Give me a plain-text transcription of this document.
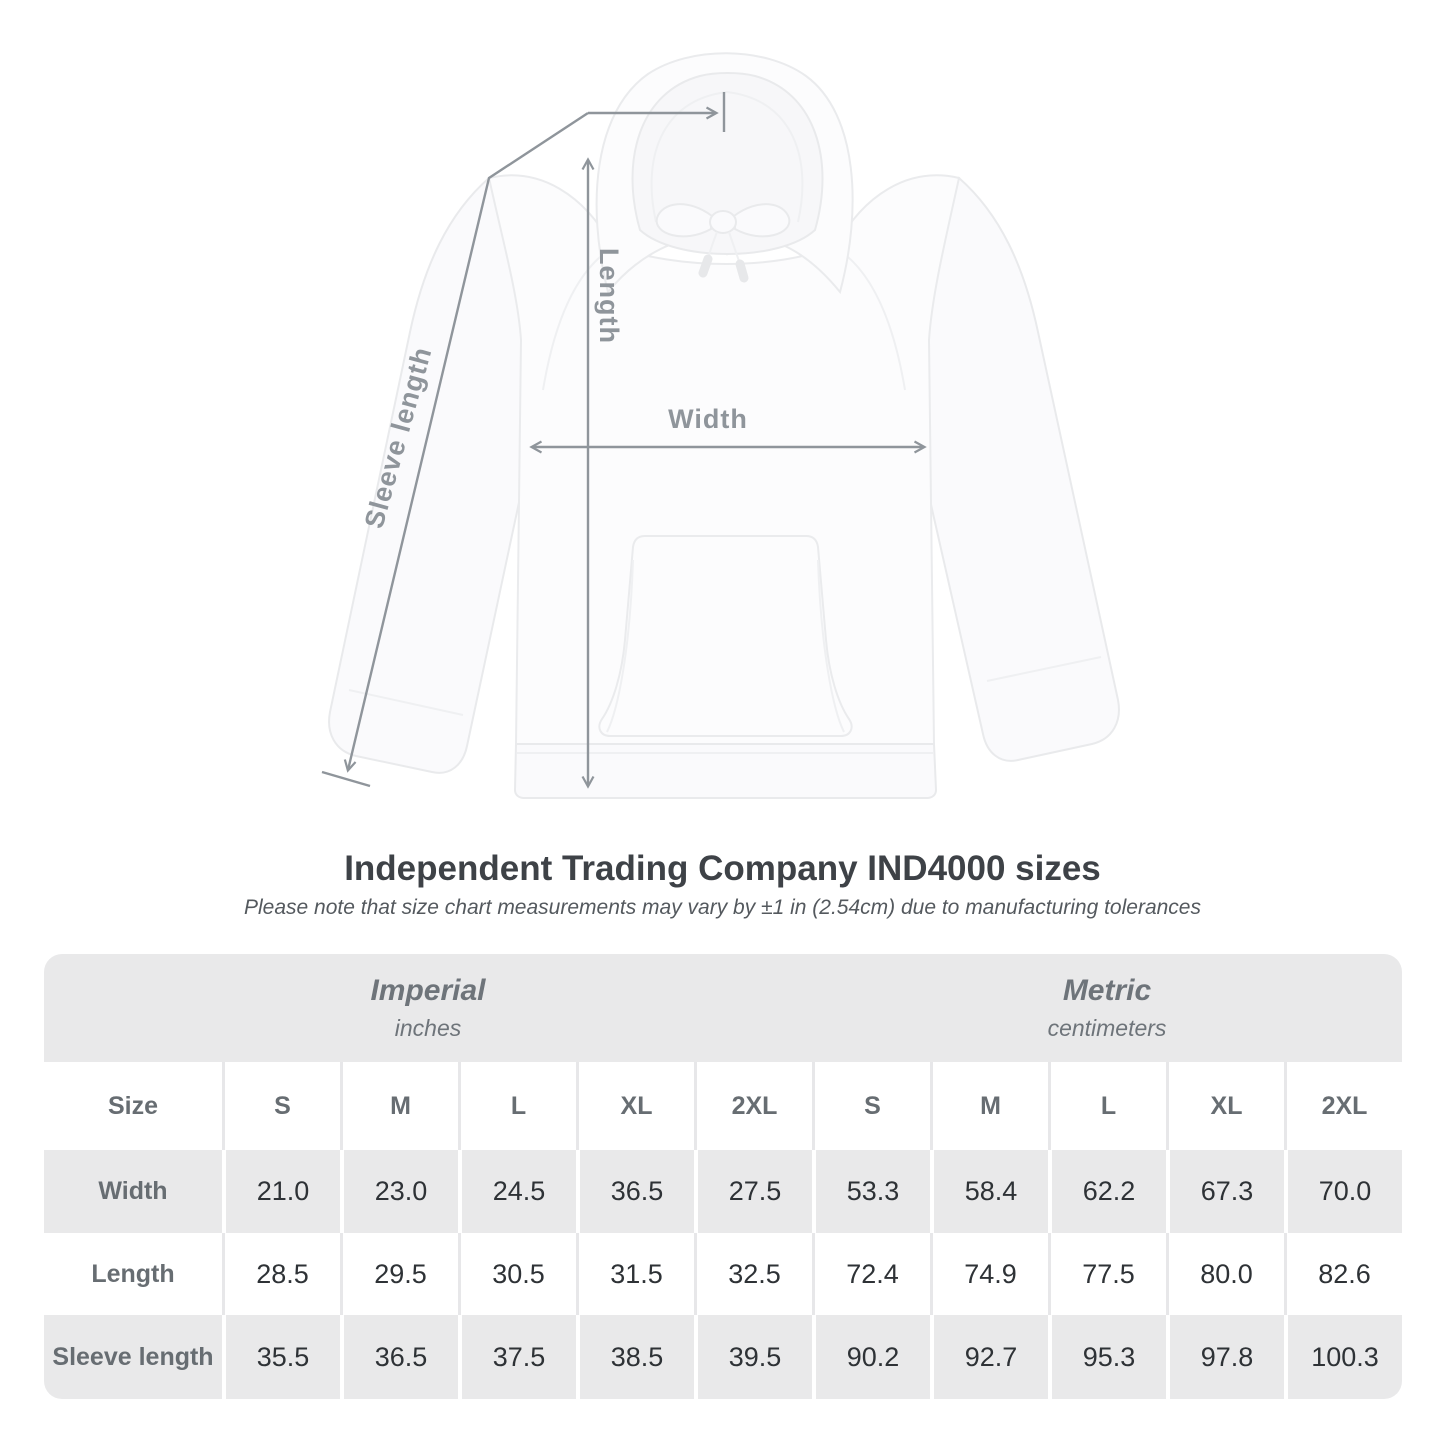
Length
Width
Sleeve length
Independent Trading Company IND4000 sizes
Please note that size chart measurements may vary by ±1 in (2.54cm) due to manufacturing tolerances
Imperial
inches
Metric
centimeters
Size	S	M	L	XL	2XL	S	M	L	XL	2XL
Width	21.0	23.0	24.5	36.5	27.5	53.3	58.4	62.2	67.3	70.0
Length	28.5	29.5	30.5	31.5	32.5	72.4	74.9	77.5	80.0	82.6
Sleeve length	35.5	36.5	37.5	38.5	39.5	90.2	92.7	95.3	97.8	100.3
